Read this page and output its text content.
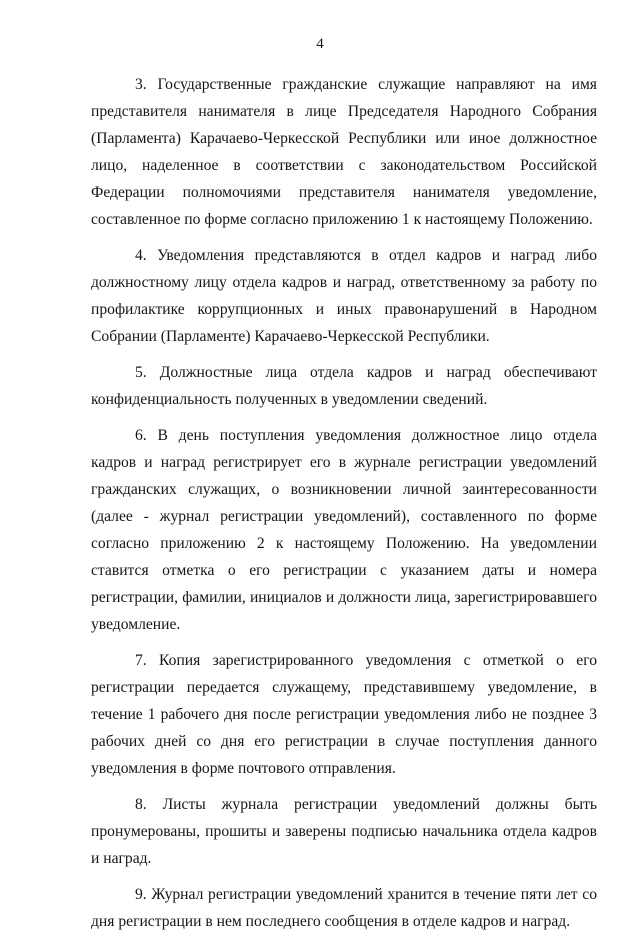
4

3. Государственные гражданские служащие направляют на имя представителя нанимателя в лице Председателя Народного Собрания (Парламента) Карачаево-Черкесской Республики или иное должностное лицо, наделенное в соответствии с законодательством Российской Федерации полномочиями представителя нанимателя уведомление, составленное по форме согласно приложению 1 к настоящему Положению.

4. Уведомления представляются в отдел кадров и наград либо должностному лицу отдела кадров и наград, ответственному за работу по профилактике коррупционных и иных правонарушений в Народном Собрании (Парламенте) Карачаево-Черкесской Республики.

5. Должностные лица отдела кадров и наград обеспечивают конфиденциальность полученных в уведомлении сведений.

6. В день поступления уведомления должностное лицо отдела кадров и наград регистрирует его в журнале регистрации уведомлений гражданских служащих, о возникновении личной заинтересованности (далее - журнал регистрации уведомлений), составленного по форме согласно приложению 2 к настоящему Положению. На уведомлении ставится отметка о его регистрации с указанием даты и номера регистрации, фамилии, инициалов и должности лица, зарегистрировавшего уведомление.

7. Копия зарегистрированного уведомления с отметкой о его регистрации передается служащему, представившему уведомление, в течение 1 рабочего дня после регистрации уведомления либо не позднее 3 рабочих дней со дня его регистрации в случае поступления данного уведомления в форме почтового отправления.

8. Листы журнала регистрации уведомлений должны быть пронумерованы, прошиты и заверены подписью начальника отдела кадров и наград.

9. Журнал регистрации уведомлений хранится в течение пяти лет со дня регистрации в нем последнего сообщения в отделе кадров и наград.
